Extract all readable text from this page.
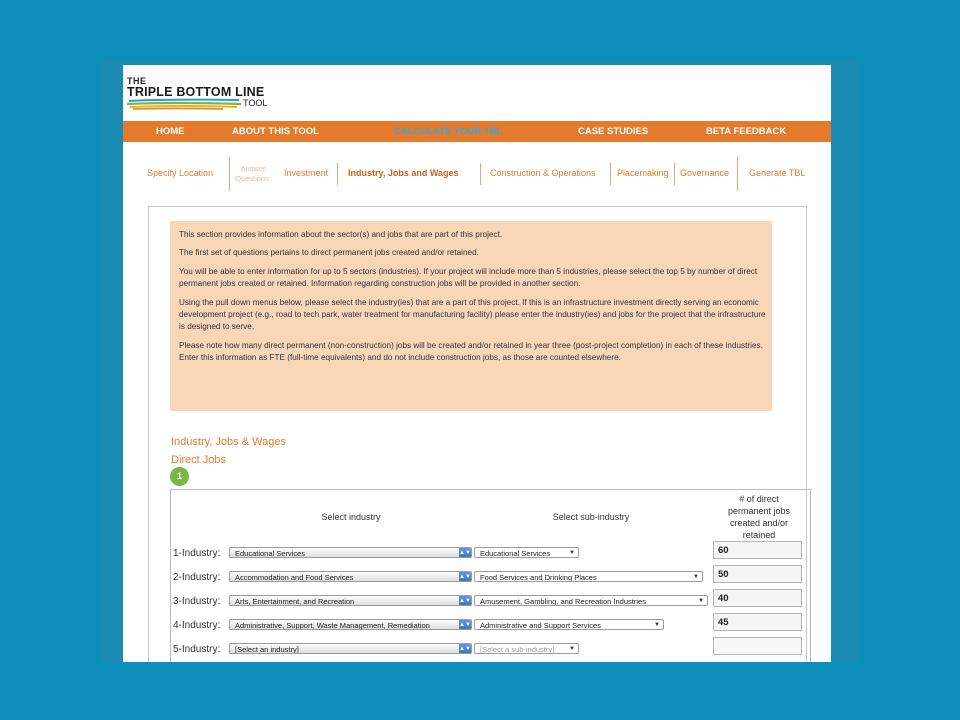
THE
TRIPLE BOTTOM LINE
TOOL
HOME	ABOUT THIS TOOL	CALCULATE YOUR TBL	CASE STUDIES	BETA FEEDBACK
Specify Location	Answer Questions:
Investment Industry, Jobs and Wages	Construction & Operations Placemaking Governance Generate TBL

This section provides information about the sector(s) and jobs that are part of this project.

The first set of questions pertains to direct permanent jobs created and/or retained.

You will be able to enter information for up to 5 sectors (industries). If your project will include more than 5 industries, please select the top 5 by number of direct permanent jobs created or retained. Information regarding construction jobs will be provided in another section.

Using the pull down menus below, please select the industry(ies) that are a part of this project. If this is an infrastructure investment directly serving an economic development project (e.g., road to tech park, water treatment for manufacturing facility) please enter the industry(ies) and jobs for the project that the infrastructure is designed to serve.

Please note how many direct permanent (non-construction) jobs will be created and/or retained in year three (post-project completion) in each of these industries. Enter this information as FTE (full-time equivalents) and do not include construction jobs, as those are counted elsewhere.

Industry, Jobs & Wages
Direct Jobs
1
Select industry	Select sub-industry
# of direct permanent jobs created and/or retained
1-Industry:	Educational Services	▲▼	Educational Services	▼	60
2-Industry:	Accommodation and Food Services	▲▼	Food Services and Drinking Places	▼	50
3-Industry:	Arts, Entertainment, and Recreation	▲▼	Amusement, Gambling, and Recreation Industries	▼	40
4-Industry:	Administrative, Support, Waste Management, Remediation	▲▼	Administrative and Support Services	▼	45
5-Industry:	[Select an industry]	▲▼	[Select a sub-industry]	▼
